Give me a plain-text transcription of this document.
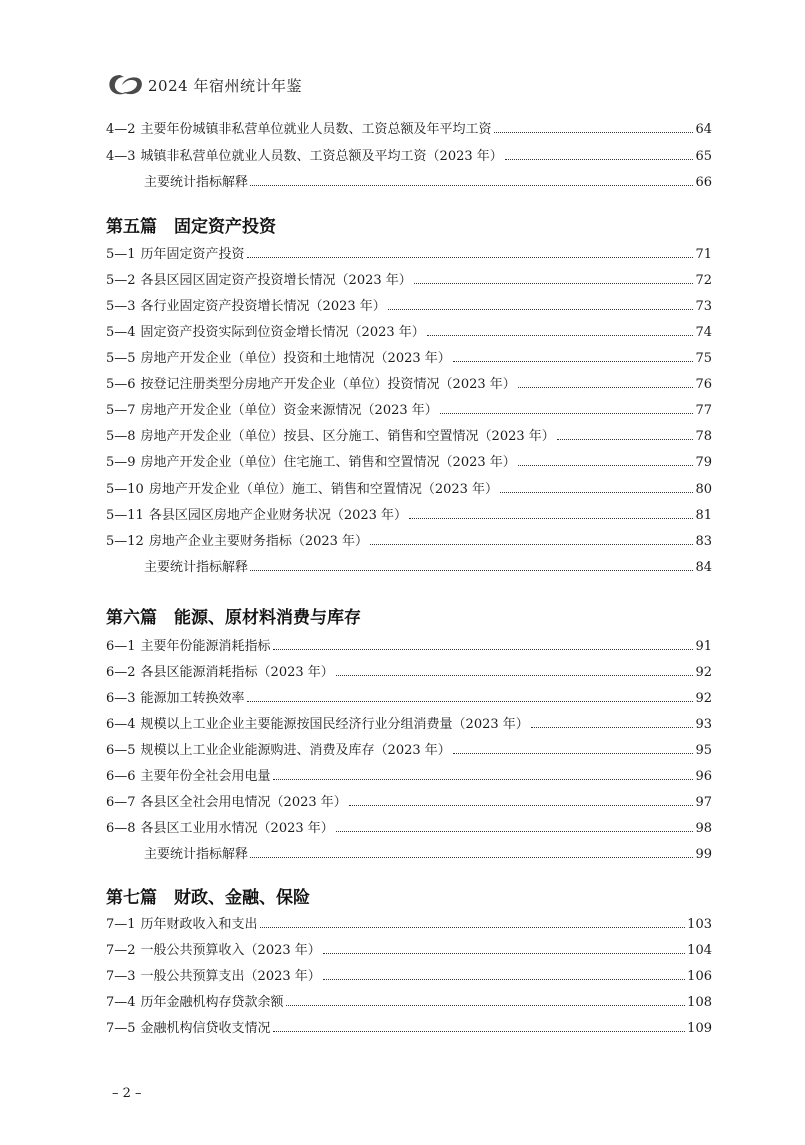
2024 年宿州统计年鉴
4—2 主要年份城镇非私营单位就业人员数、工资总额及年平均工资	64
4—3 城镇非私营单位就业人员数、工资总额及平均工资（2023 年）	65
主要统计指标解释	66
第五篇　固定资产投资
5—1 历年固定资产投资	71
5—2 各县区园区固定资产投资增长情况（2023 年）	72
5—3 各行业固定资产投资增长情况（2023 年）	73
5—4 固定资产投资实际到位资金增长情况（2023 年）	74
5—5 房地产开发企业（单位）投资和土地情况（2023 年）	75
5—6 按登记注册类型分房地产开发企业（单位）投资情况（2023 年）	76
5—7 房地产开发企业（单位）资金来源情况（2023 年）	77
5—8 房地产开发企业（单位）按县、区分施工、销售和空置情况（2023 年）	78
5—9 房地产开发企业（单位）住宅施工、销售和空置情况（2023 年）	79
5—10 房地产开发企业（单位）施工、销售和空置情况（2023 年）	80
5—11 各县区园区房地产企业财务状况（2023 年）	81
5—12 房地产企业主要财务指标（2023 年）	83
主要统计指标解释	84
第六篇　能源、原材料消费与库存
6—1 主要年份能源消耗指标	91
6—2 各县区能源消耗指标（2023 年）	92
6—3 能源加工转换效率	92
6—4 规模以上工业企业主要能源按国民经济行业分组消费量（2023 年）	93
6—5 规模以上工业企业能源购进、消费及库存（2023 年）	95
6—6 主要年份全社会用电量	96
6—7 各县区全社会用电情况（2023 年）	97
6—8 各县区工业用水情况（2023 年）	98
主要统计指标解释	99
第七篇　财政、金融、保险
7—1 历年财政收入和支出	103
7—2 一般公共预算收入（2023 年）	104
7—3 一般公共预算支出（2023 年）	106
7—4 历年金融机构存贷款余额	108
7—5 金融机构信贷收支情况	109
– 2 –
